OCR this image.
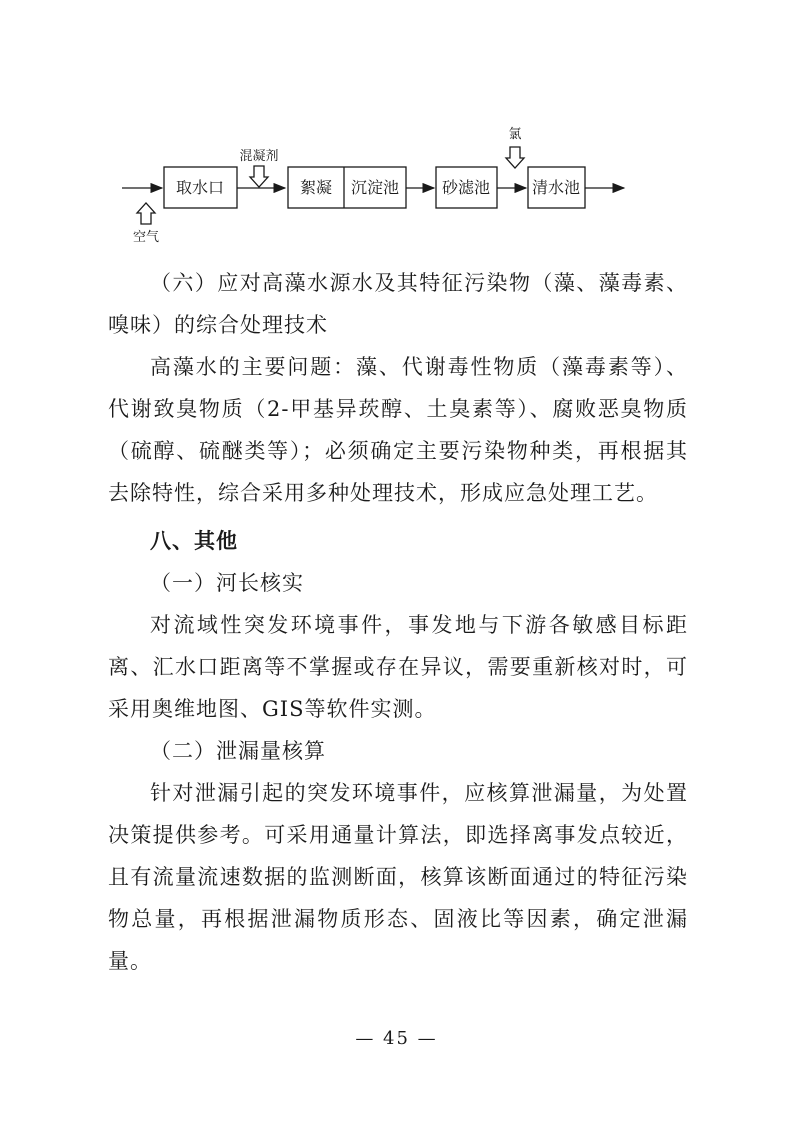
取水口	絮凝 沉淀池	砂滤池	清水池
混凝剂
氯
空气

（六）应对高藻水源水及其特征污染物（藻、藻毒素、嗅味）的综合处理技术

高藻水的主要问题：藻、代谢毒性物质（藻毒素等）、代谢致臭物质（2-甲基异莰醇、土臭素等）、腐败恶臭物质（硫醇、硫醚类等）；必须确定主要污染物种类，再根据其去除特性，综合采用多种处理技术，形成应急处理工艺。

八、其他

（一）河长核实

对流域性突发环境事件，事发地与下游各敏感目标距离、汇水口距离等不掌握或存在异议，需要重新核对时，可采用奥维地图、GIS等软件实测。

（二）泄漏量核算

针对泄漏引起的突发环境事件，应核算泄漏量，为处置决策提供参考。可采用通量计算法，即选择离事发点较近，且有流量流速数据的监测断面，核算该断面通过的特征污染物总量，再根据泄漏物质形态、固液比等因素，确定泄漏量。

— 45 —
